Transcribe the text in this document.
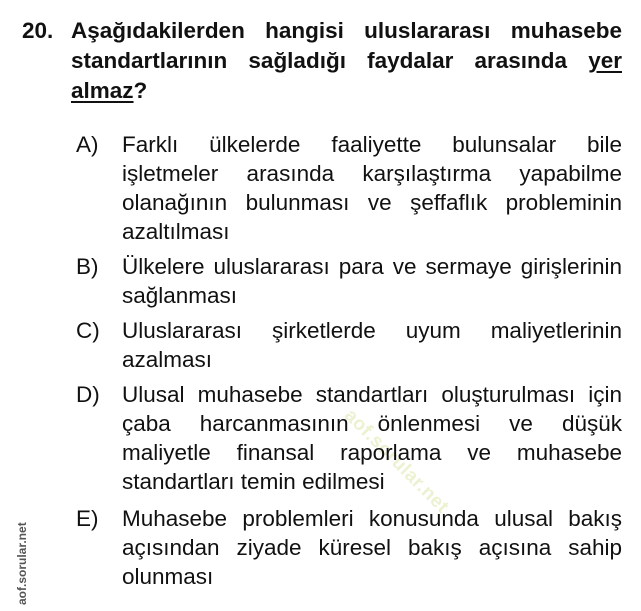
aof.sorular.net
20. Aşağıdakilerden hangisi uluslararası muhasebe standartlarının sağladığı faydalar arasında yer almaz?
A) Farklı ülkelerde faaliyette bulunsalar bile işletmeler arasında karşılaştırma yapabilme olanağının bulunması ve şeffaflık probleminin azaltılması
B) Ülkelere uluslararası para ve sermaye girişlerinin sağlanması
C) Uluslararası şirketlerde uyum maliyetlerinin azalması
D) Ulusal muhasebe standartları oluşturulması için çaba harcanmasının önlenmesi ve düşük maliyetle finansal raporlama ve muhasebe standartları temin edilmesi
E) Muhasebe problemleri konusunda ulusal bakış açısından ziyade küresel bakış açısına sahip olunması
aof.sorular.net
